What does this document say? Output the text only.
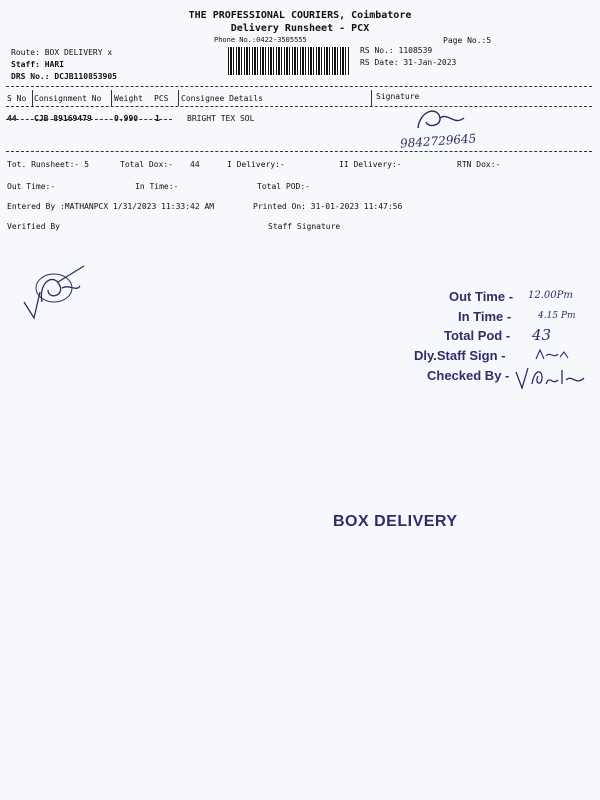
THE PROFESSIONAL COURIERS, Coimbatore
Delivery Runsheet - PCX
Phone No.:0422-3505555	Page No.:5
Route: BOX DELIVERY x
Staff: HARI
DRS No.: DCJB110853905
RS No.: 1108539
RS Date: 31-Jan-2023
S No Consignment No Weight PCS Consignee Details	Signature
44 CJB 89169479	0.990 1	BRIGHT TEX SOL
9842729645
Tot. Runsheet:- 5	Total Dox:- 44	I Delivery:-	II Delivery:-	RTN Dox:-
Out Time:-	In Time:-	Total POD:-
Entered By :MATHANPCX 1/31/2023 11:33:42 AM	Printed On: 31-01-2023 11:47:56
Verified By	Staff Signature
Out Time - 12.00Pm
In Time -	4.15 Pm
Total Pod - 43
Dly.Staff Sign -
Checked By -
BOX DELIVERY
